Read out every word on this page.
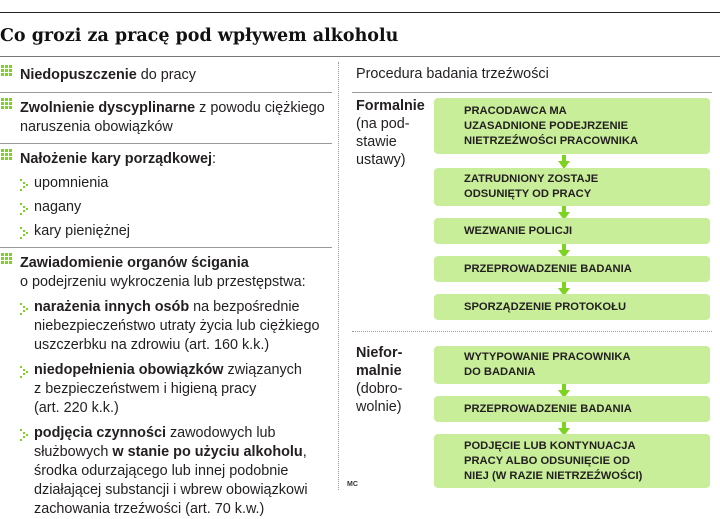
Co grozi za pracę pod wpływem alkoholu
Niedopuszczenie do pracy
Zwolnienie dyscyplinarne z powodu ciężkiego
naruszenia obowiązków
Nałożenie kary porządkowej:
upomnienia
nagany
kary pieniężnej
Zawiadomienie organów ścigania
o podejrzeniu wykroczenia lub przestępstwa:
narażenia innych osób na bezpośrednie
niebezpieczeństwo utraty życia lub ciężkiego
uszczerbku na zdrowiu (art. 160 k.k.)
niedopełnienia obowiązków związanych
z bezpieczeństwem i higieną pracy
(art. 220 k.k.)
podjęcia czynności zawodowych lub
służbowych w stanie po użyciu alkoholu,
środka odurzającego lub innej podobnie
działającej substancji i wbrew obowiązkowi
zachowania trzeźwości (art. 70 k.w.)
MC
Procedura badania trzeźwości
Formalnie
(na pod-
stawie
ustawy)
PRACODAWCA MA
UZASADNIONE PODEJRZENIE
NIETRZEŹWOŚCI PRACOWNIKA
ZATRUDNIONY ZOSTAJE
ODSUNIĘTY OD PRACY
WEZWANIE POLICJI
PRZEPROWADZENIE BADANIA
SPORZĄDZENIE PROTOKOŁU
Niefor-
malnie
(dobro-
wolnie)
WYTYPOWANIE PRACOWNIKA
DO BADANIA
PRZEPROWADZENIE BADANIA
PODJĘCIE LUB KONTYNUACJA
PRACY ALBO ODSUNIĘCIE OD
NIEJ (W RAZIE NIETRZEŹWOŚCI)
